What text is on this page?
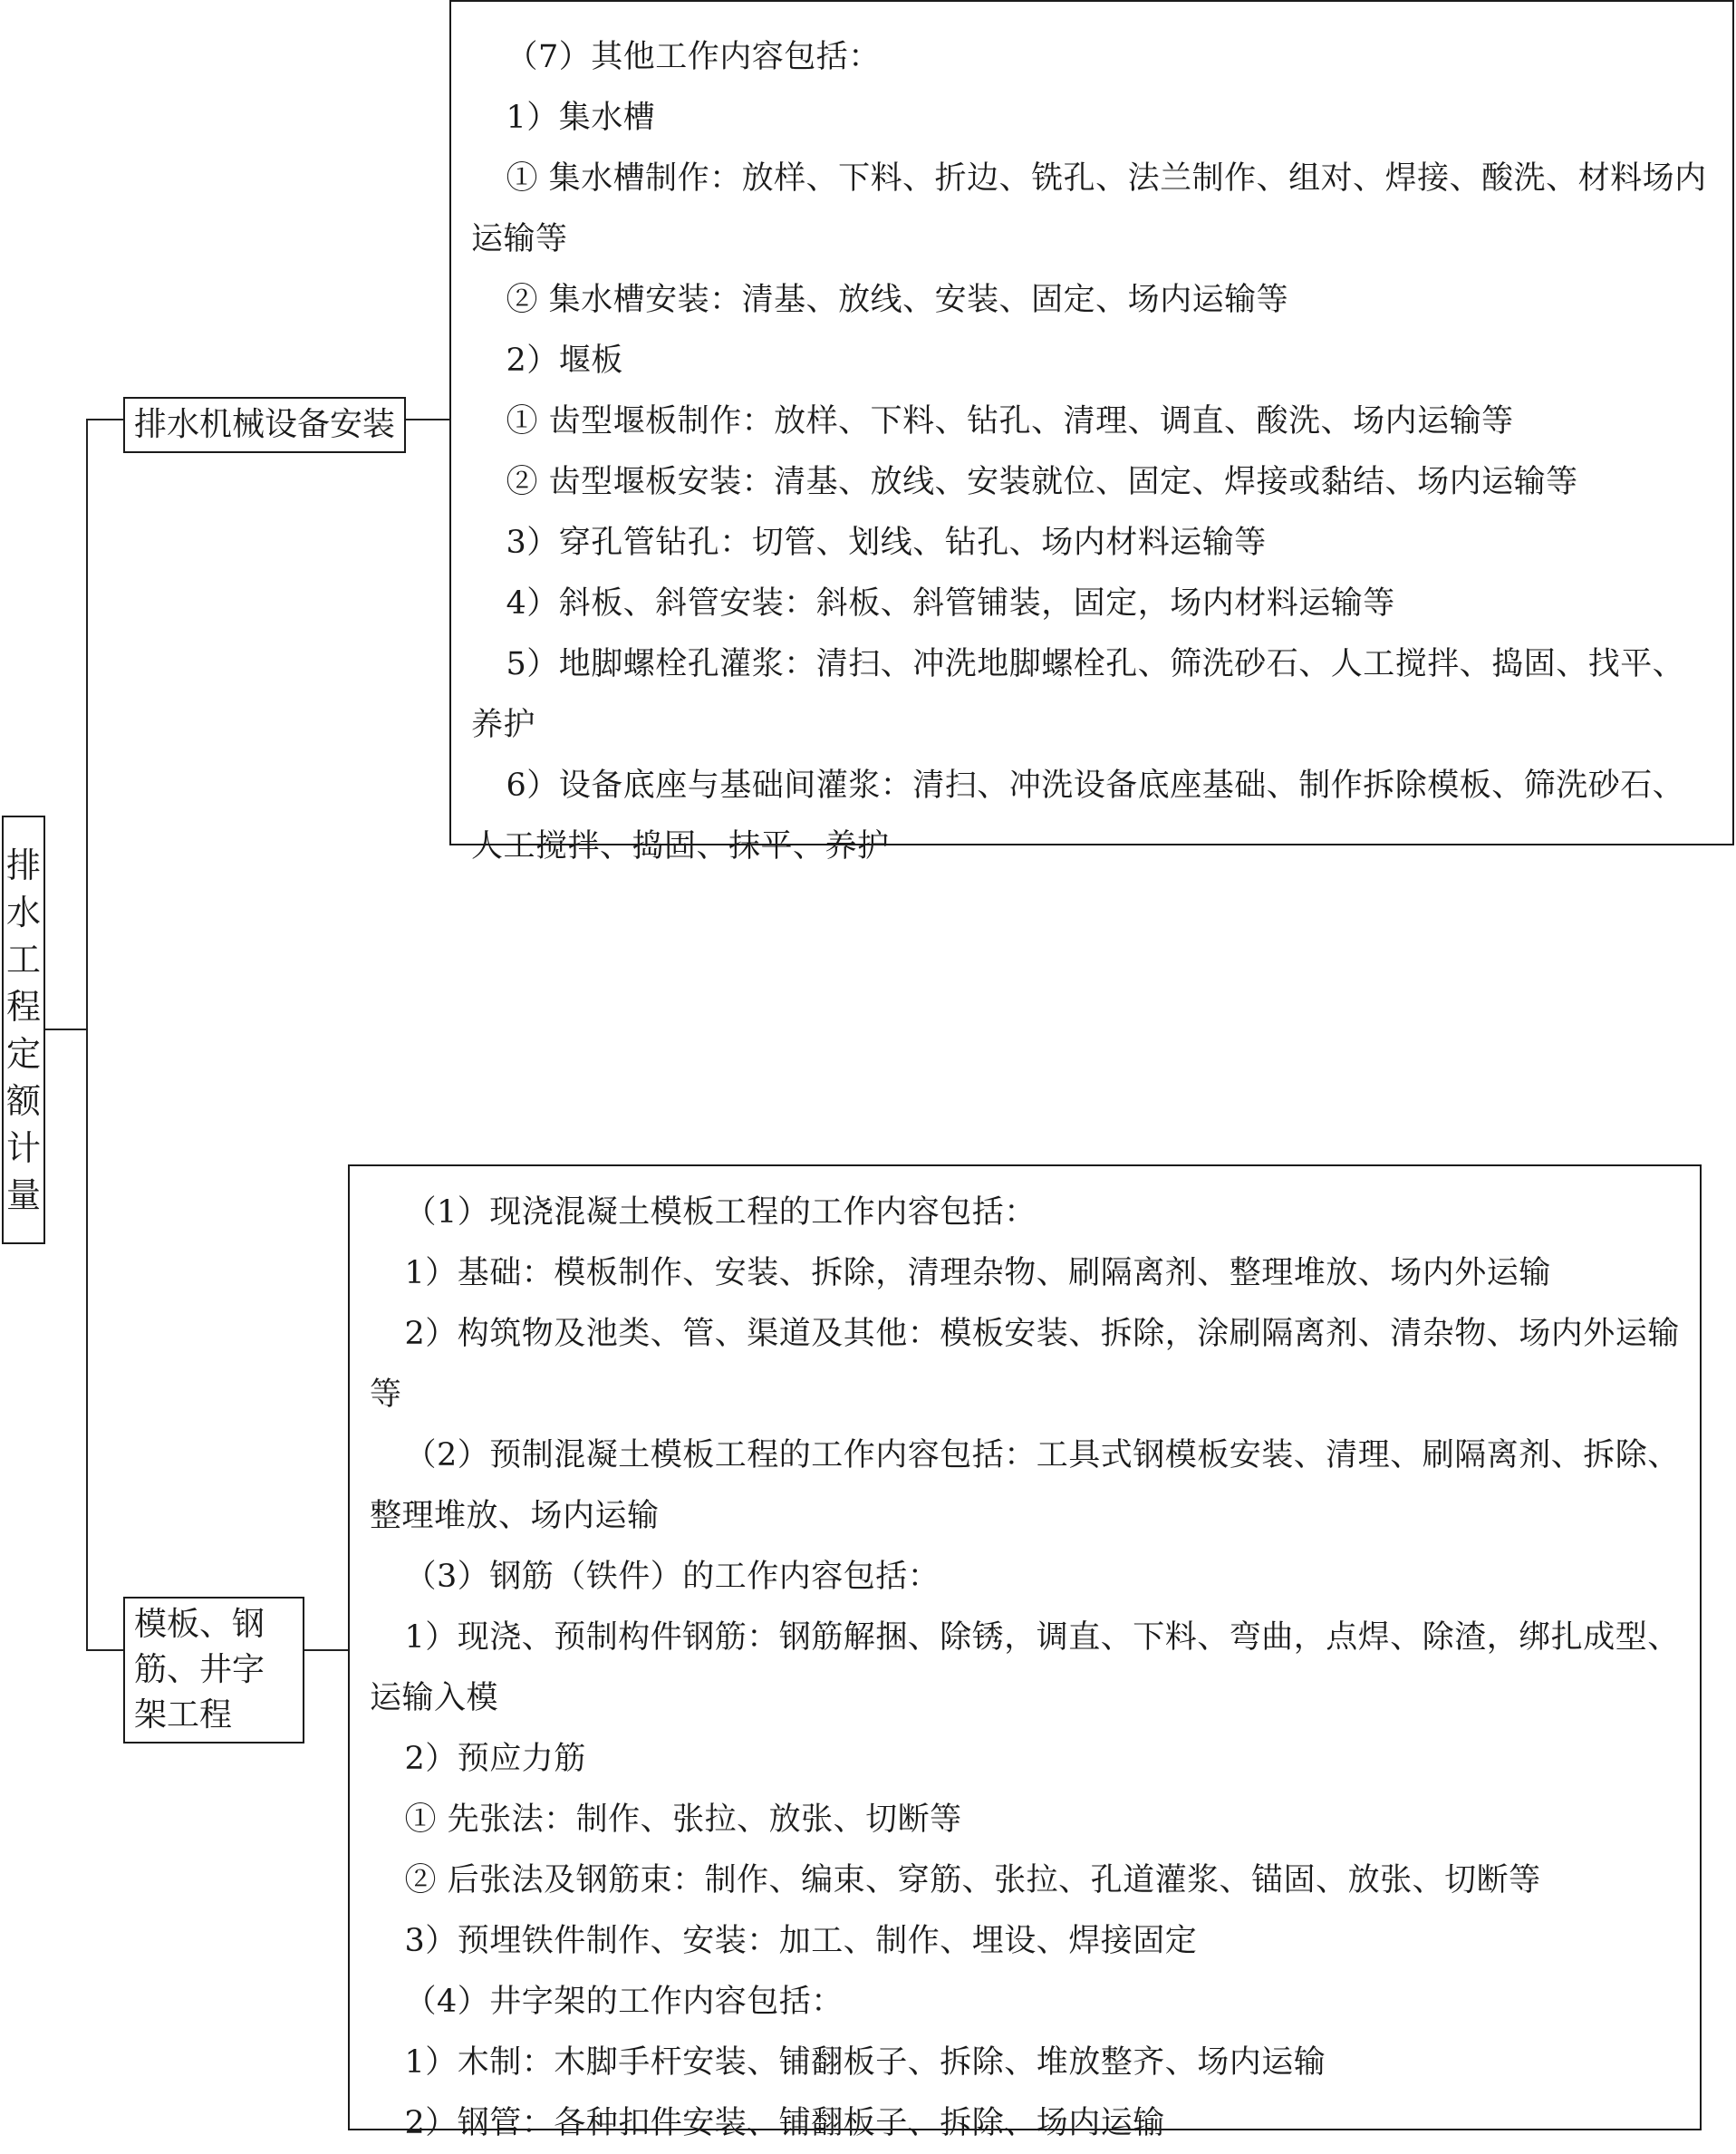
排
水
工
程
定
额
计
量
排水机械设备安装

（7）其他工作内容包括：

1）集水槽

① 集水槽制作：放样、下料、折边、铣孔、法兰制作、组对、焊接、酸洗、材料场内运输等

② 集水槽安装：清基、放线、安装、固定、场内运输等

2）堰板

① 齿型堰板制作：放样、下料、钻孔、清理、调直、酸洗、场内运输等

② 齿型堰板安装：清基、放线、安装就位、固定、焊接或黏结、场内运输等

3）穿孔管钻孔：切管、划线、钻孔、场内材料运输等

4）斜板、斜管安装：斜板、斜管铺装，固定，场内材料运输等

5）地脚螺栓孔灌浆：清扫、冲洗地脚螺栓孔、筛洗砂石、人工搅拌、捣固、找平、养护

6）设备底座与基础间灌浆：清扫、冲洗设备底座基础、制作拆除模板、筛洗砂石、人工搅拌、捣固、抹平、养护

模板、钢筋、井字架工程

（1）现浇混凝土模板工程的工作内容包括：

1）基础：模板制作、安装、拆除，清理杂物、刷隔离剂、整理堆放、场内外运输

2）构筑物及池类、管、渠道及其他：模板安装、拆除，涂刷隔离剂、清杂物、场内外运输等

（2）预制混凝土模板工程的工作内容包括：工具式钢模板安装、清理、刷隔离剂、拆除、整理堆放、场内运输

（3）钢筋（铁件）的工作内容包括：

1）现浇、预制构件钢筋：钢筋解捆、除锈，调直、下料、弯曲，点焊、除渣，绑扎成型、运输入模

2）预应力筋

① 先张法：制作、张拉、放张、切断等

② 后张法及钢筋束：制作、编束、穿筋、张拉、孔道灌浆、锚固、放张、切断等

3）预埋铁件制作、安装：加工、制作、埋设、焊接固定

（4）井字架的工作内容包括：

1）木制：木脚手杆安装、铺翻板子、拆除、堆放整齐、场内运输

2）钢管：各种扣件安装、铺翻板子、拆除、场内运输
